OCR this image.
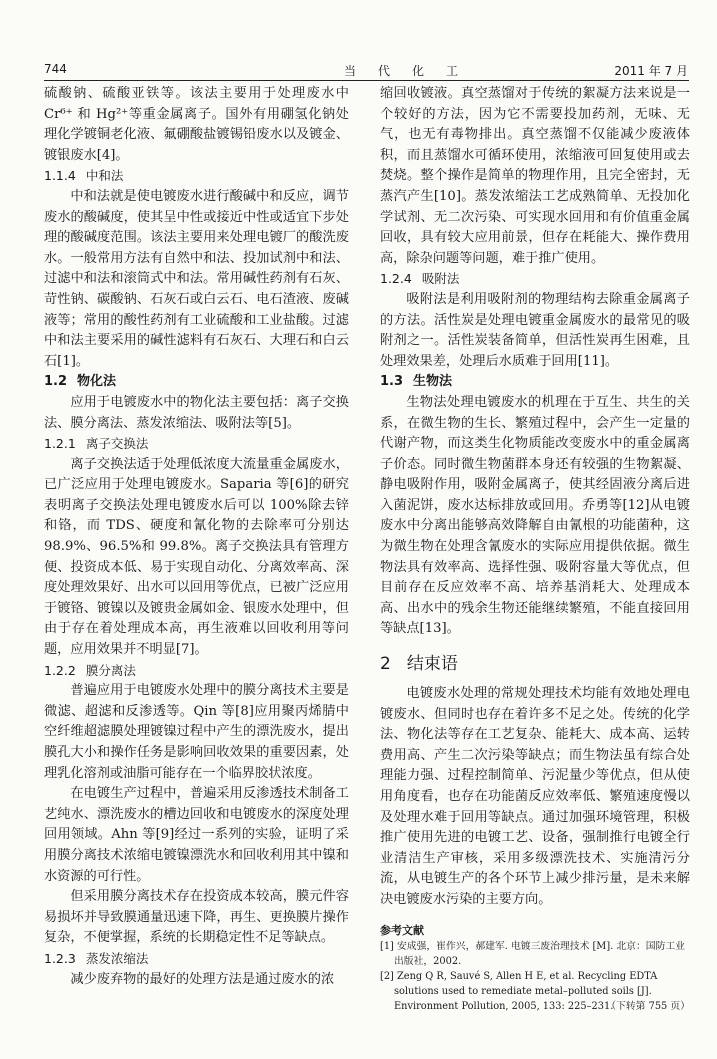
744	当代化工	2011 年 7 月

硫酸钠、硫酸亚铁等。该法主要用于处理废水中 Cr⁶⁺ 和 Hg²⁺等重金属离子。国外有用硼氢化钠处理化学镀铜老化液、氟硼酸盐镀锡铅废水以及镀金、镀银废水[4]。

1.1.4 中和法

中和法就是使电镀废水进行酸碱中和反应，调节废水的酸碱度，使其呈中性或接近中性或适宜下步处理的酸碱度范围。该法主要用来处理电镀厂的酸洗废水。一般常用方法有自然中和法、投加试剂中和法、过滤中和法和滚筒式中和法。常用碱性药剂有石灰、苛性钠、碳酸钠、石灰石或白云石、电石渣液、废碱液等；常用的酸性药剂有工业硫酸和工业盐酸。过滤中和法主要采用的碱性滤料有石灰石、大理石和白云石[1]。

1.2 物化法

应用于电镀废水中的物化法主要包括：离子交换法、膜分离法、蒸发浓缩法、吸附法等[5]。

1.2.1 离子交换法

离子交换法适于处理低浓度大流量重金属废水，已广泛应用于处理电镀废水。Saparia 等[6]的研究表明离子交换法处理电镀废水后可以 100%除去锌和铬，而 TDS、硬度和氰化物的去除率可分别达 98.9%、96.5%和 99.8%。离子交换法具有管理方便、投资成本低、易于实现自动化、分离效率高、深度处理效果好、出水可以回用等优点，已被广泛应用于镀铬、镀镍以及镀贵金属如金、银废水处理中，但由于存在着处理成本高，再生液难以回收利用等问题，应用效果并不明显[7]。

1.2.2 膜分离法

普遍应用于电镀废水处理中的膜分离技术主要是微滤、超滤和反渗透等。Qin 等[8]应用聚丙烯腈中空纤维超滤膜处理镀镍过程中产生的漂洗废水，提出膜孔大小和操作任务是影响回收效果的重要因素，处理乳化溶剂或油脂可能存在一个临界胶状浓度。

在电镀生产过程中，普遍采用反渗透技术制备工艺纯水、漂洗废水的槽边回收和电镀废水的深度处理回用领域。Ahn 等[9]经过一系列的实验，证明了采用膜分离技术浓缩电镀镍漂洗水和回收利用其中镍和水资源的可行性。

但采用膜分离技术存在投资成本较高，膜元件容易损坏并导致膜通量迅速下降，再生、更换膜片操作复杂，不便掌握，系统的长期稳定性不足等缺点。

1.2.3 蒸发浓缩法

减少废弃物的最好的处理方法是通过废水的浓

缩回收镀液。真空蒸馏对于传统的絮凝方法来说是一个较好的方法，因为它不需要投加药剂，无味、无气，也无有毒物排出。真空蒸馏不仅能减少废液体积，而且蒸馏水可循环使用，浓缩液可回复使用或去焚烧。整个操作是简单的物理作用，且完全密封，无蒸汽产生[10]。蒸发浓缩法工艺成熟简单、无投加化学试剂、无二次污染、可实现水回用和有价值重金属回收，具有较大应用前景，但存在耗能大、操作费用高，除杂问题等问题，难于推广使用。

1.2.4 吸附法

吸附法是利用吸附剂的物理结构去除重金属离子的方法。活性炭是处理电镀重金属废水的最常见的吸附剂之一。活性炭装备简单，但活性炭再生困难，且处理效果差，处理后水质难于回用[11]。

1.3 生物法

生物法处理电镀废水的机理在于互生、共生的关系，在微生物的生长、繁殖过程中，会产生一定量的代谢产物，而这类生化物质能改变废水中的重金属离子价态。同时微生物菌群本身还有较强的生物絮凝、静电吸附作用，吸附金属离子，使其经固液分离后进入菌泥饼，废水达标排放或回用。乔勇等[12]从电镀废水中分离出能够高效降解自由氰根的功能菌种，这为微生物在处理含氰废水的实际应用提供依据。微生物法具有效率高、选择性强、吸附容量大等优点，但目前存在反应效率不高、培养基消耗大、处理成本高、出水中的残余生物还能继续繁殖，不能直接回用等缺点[13]。

2 结束语

电镀废水处理的常规处理技术均能有效地处理电镀废水、但同时也存在着许多不足之处。传统的化学法、物化法等存在工艺复杂、能耗大、成本高、运转费用高、产生二次污染等缺点；而生物法虽有综合处理能力强、过程控制简单、污泥量少等优点，但从使用角度看，也存在功能菌反应效率低、繁殖速度慢以及处理水难于回用等缺点。通过加强环境管理，积极推广使用先进的电镀工艺、设备，强制推行电镀全行业清洁生产审核，采用多级漂洗技术、实施清污分流，从电镀生产的各个环节上减少排污量，是未来解决电镀废水污染的主要方向。

参考文献
[1] 安成强，崔作兴，郝建军. 电镀三废治理技术 [M]. 北京：国防工业出版社，2002.
[2] Zeng Q R, Sauvé S, Allen H E, et al. Recycling EDTA solutions used to remediate metal–polluted soils [J]. Environment Pollution, 2005, 133: 225–231.
（下转第 755 页）
